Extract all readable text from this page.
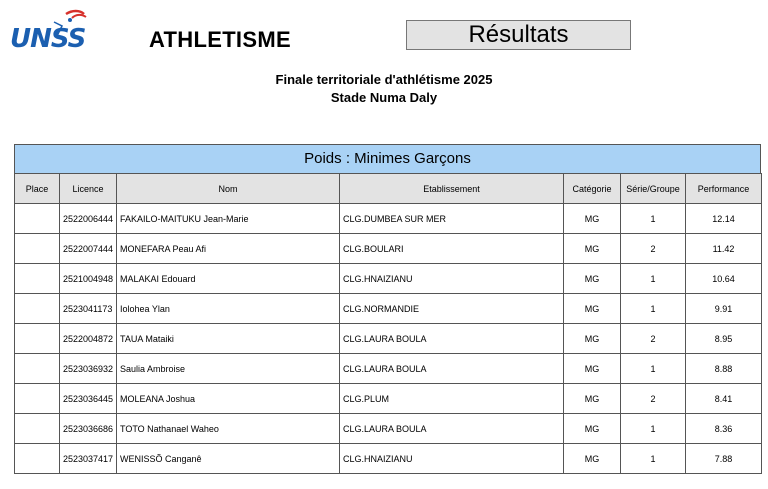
UNSS	ATHLETISME	Résultats
Finale territoriale d'athlétisme 2025
Stade Numa Daly
Poids : Minimes Garçons
Place	Licence	Nom	Etablissement	Catégorie	Série/Groupe	Performance
	2522006444	FAKAILO-MAITUKU Jean-Marie	CLG.DUMBEA SUR MER	MG	1	12.14
	2522007444	MONEFARA Peau Afi	CLG.BOULARI	MG	2	11.42
	2521004948	MALAKAI Edouard	CLG.HNAIZIANU	MG	1	10.64
	2523041173	Iolohea Ylan	CLG.NORMANDIE	MG	1	9.91
	2522004872	TAUA Mataiki	CLG.LAURA BOULA	MG	2	8.95
	2523036932	Saulia Ambroise	CLG.LAURA BOULA	MG	1	8.88
	2523036445	MOLEANA Joshua	CLG.PLUM	MG	2	8.41
	2523036686	TOTO Nathanael Waheo	CLG.LAURA BOULA	MG	1	8.36
	2523037417	WENISSÕ Canganê	CLG.HNAIZIANU	MG	1	7.88
